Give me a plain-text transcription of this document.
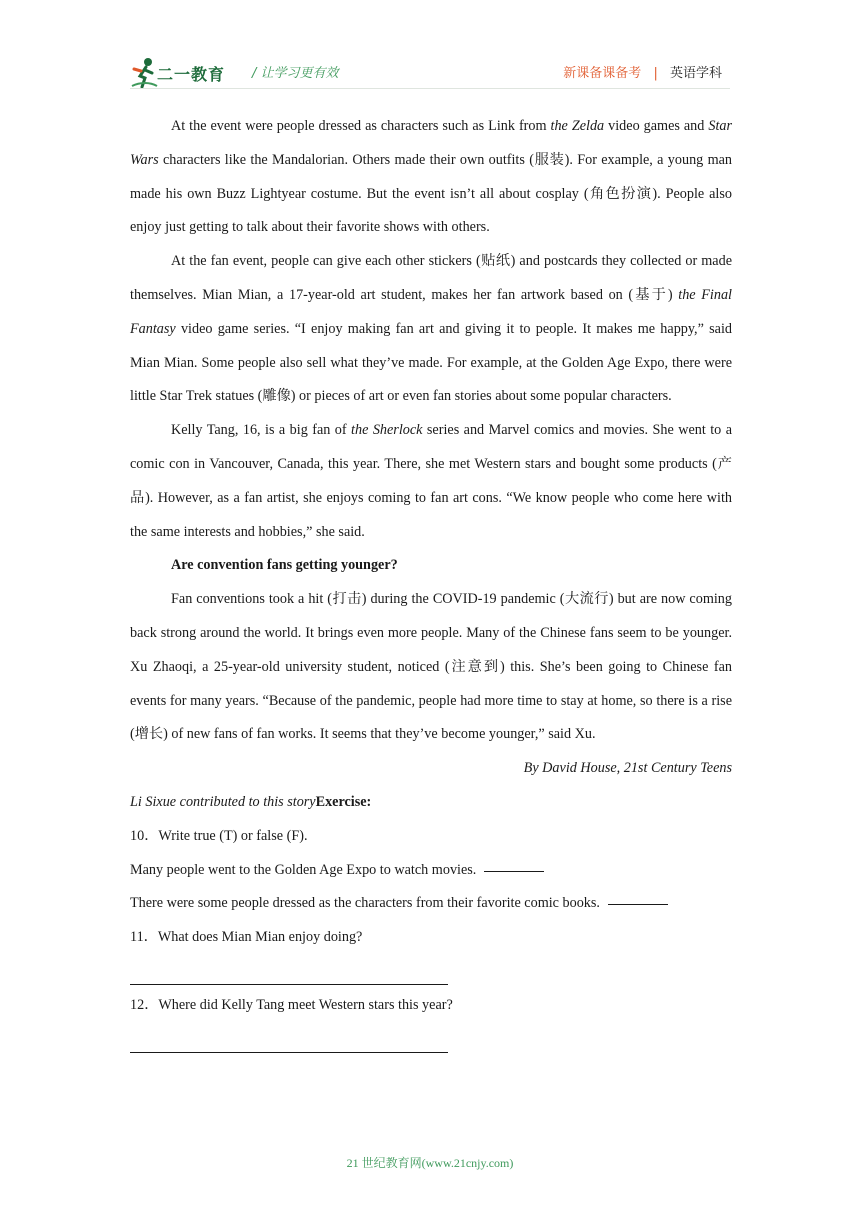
二一教育 / 让学习更有效	新课备课备考 | 英语学科

At the event were people dressed as characters such as Link from the Zelda video games and Star Wars characters like the Mandalorian. Others made their own outfits (服装). For example, a young man made his own Buzz Lightyear costume. But the event isn’t all about cosplay (角色扮演). People also enjoy just getting to talk about their favorite shows with others.

At the fan event, people can give each other stickers (贴纸) and postcards they collected or made themselves. Mian Mian, a 17-year-old art student, makes her fan artwork based on (基于) the Final Fantasy video game series. “I enjoy making fan art and giving it to people. It makes me happy,” said Mian Mian. Some people also sell what they’ve made. For example, at the Golden Age Expo, there were little Star Trek statues (雕像) or pieces of art or even fan stories about some popular characters.

Kelly Tang, 16, is a big fan of the Sherlock series and Marvel comics and movies. She went to a comic con in Vancouver, Canada, this year. There, she met Western stars and bought some products (产品). However, as a fan artist, she enjoys coming to fan art cons. “We know people who come here with the same interests and hobbies,” she said.

Are convention fans getting younger?

Fan conventions took a hit (打击) during the COVID-19 pandemic (大流行) but are now coming back strong around the world. It brings even more people. Many of the Chinese fans seem to be younger. Xu Zhaoqi, a 25-year-old university student, noticed (注意到) this. She’s been going to Chinese fan events for many years. “Because of the pandemic, people had more time to stay at home, so there is a rise (增长) of new fans of fan works. It seems that they’ve become younger,” said Xu.

By David House, 21st Century Teens

Li Sixue contributed to this storyExercise:

10．Write true (T) or false (F).

Many people went to the Golden Age Expo to watch movies.

There were some people dressed as the characters from their favorite comic books.

11．What does Mian Mian enjoy doing?

12．Where did Kelly Tang meet Western stars this year?

21 世纪教育网(www.21cnjy.com)
